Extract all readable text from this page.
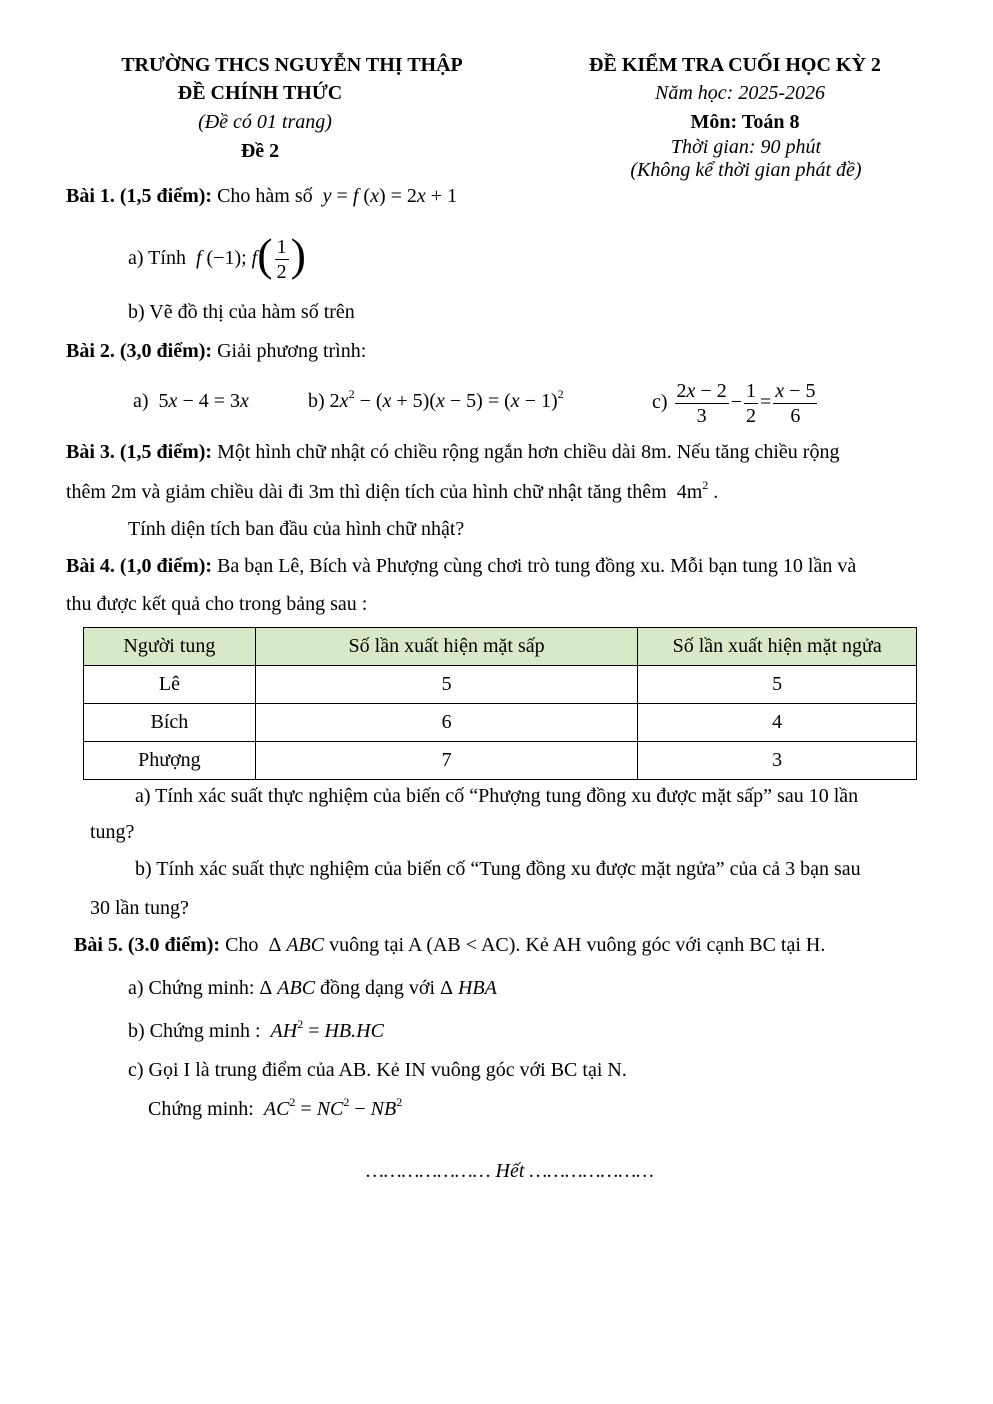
TRƯỜNG THCS NGUYỄN THỊ THẬP
ĐỀ CHÍNH THỨC
(Đề có 01 trang)
Đề 2
ĐỀ KIỂM TRA CUỐI HỌC KỲ 2
Năm học: 2025-2026
Môn: Toán 8
Thời gian: 90 phút
(Không kể thời gian phát đề)
Bài 1. (1,5 điểm): Cho hàm số  y = f (x) = 2x + 1
a) Tính  f (−1); $f( \frac{1}{2}$ )
b) Vẽ đồ thị của hàm số trên
Bài 2. (3,0 điểm): Giải phương trình:
a) 5x − 4 = 3x	b) $2x^2 - (x + 5)(x - 5) = (x - 1)^2$	$c) \frac{2x - 2}{3} - \frac{1}{2} = \frac{x - 5}{6}$
Bài 3. (1,5 điểm): Một hình chữ nhật có chiều rộng ngắn hơn chiều dài 8m. Nếu tăng chiều rộng
thêm 2m và giảm chiều dài đi 3m thì diện tích của hình chữ nhật tăng thêm $4m^2$ .
Tính diện tích ban đầu của hình chữ nhật?
Bài 4. (1,0 điểm): Ba bạn Lê, Bích và Phượng cùng chơi trò tung đồng xu. Mỗi bạn tung 10 lần và
thu được kết quả cho trong bảng sau :
Người tung	Số lần xuất hiện mặt sấp	Số lần xuất hiện mặt ngửa
Lê	5	5
Bích	6	4
Phượng	7	3
a) Tính xác suất thực nghiệm của biến cố “Phượng tung đồng xu được mặt sấp” sau 10 lần
tung?
b) Tính xác suất thực nghiệm của biến cố “Tung đồng xu được mặt ngửa” của cả 3 bạn sau
30 lần tung?
Bài 5. (3.0 điểm): Cho  Δ ABC vuông tại A (AB < AC). Kẻ AH vuông góc với cạnh BC tại H.
a) Chứng minh: Δ ABC đồng dạng với Δ HBA
b) Chứng minh :  $AH^2 = HB.HC$
c) Gọi I là trung điểm của AB. Kẻ IN vuông góc với BC tại N.
Chứng minh:  $AC^2 = NC^2 - NB^2$
………………… Hết …………………
